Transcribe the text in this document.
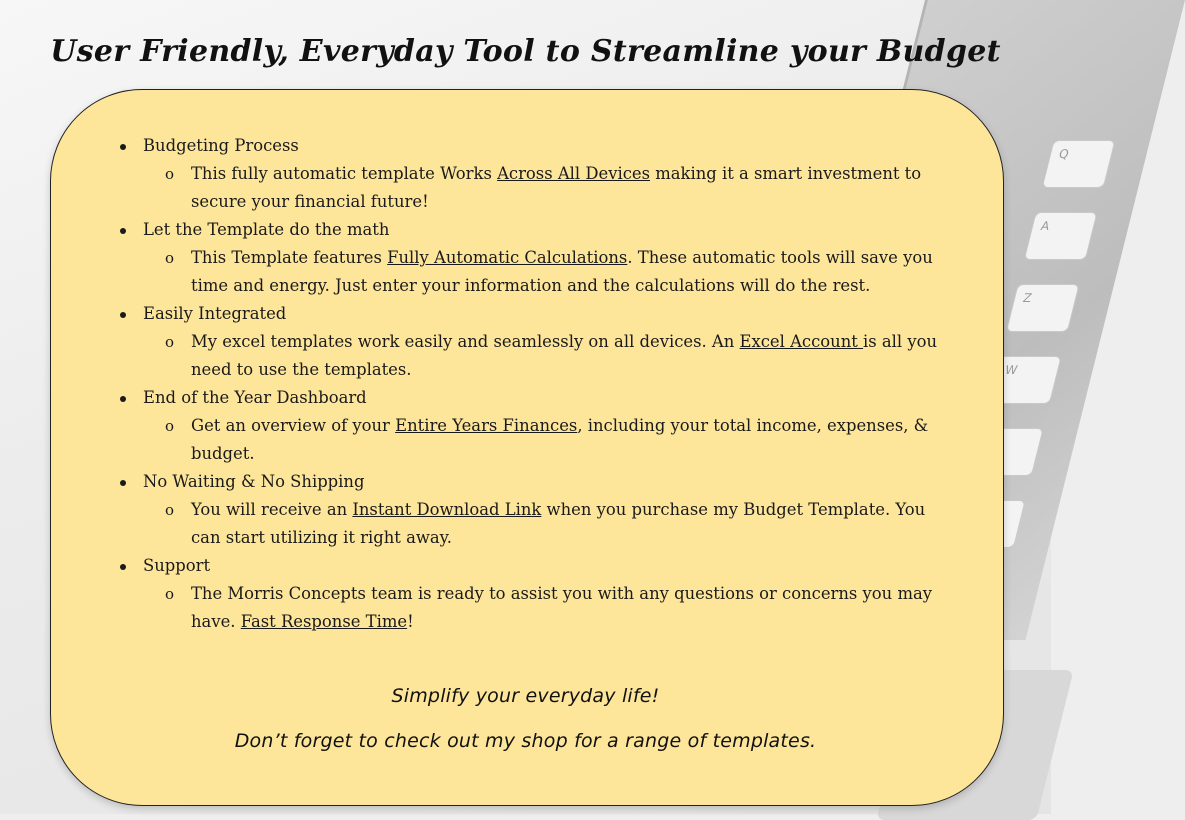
Q
A
Z
W
User Friendly, Everyday Tool to Streamline your Budget
Budgeting Process
o This fully automatic template Works Across All Devices making it a smart investment to secure your financial future!
Let the Template do the math
o This Template features Fully Automatic Calculations. These automatic tools will save you time and energy. Just enter your information and the calculations will do the rest.
Easily Integrated
o My excel templates work easily and seamlessly on all devices. An Excel Account is all you need to use the templates.
End of the Year Dashboard
o Get an overview of your Entire Years Finances, including your total income, expenses, & budget.
No Waiting & No Shipping
o You will receive an Instant Download Link when you purchase my Budget Template. You can start utilizing it right away.
Support
o The Morris Concepts team is ready to assist you with any questions or concerns you may have. Fast Response Time!
Simplify your everyday life!
Don’t forget to check out my shop for a range of templates.
